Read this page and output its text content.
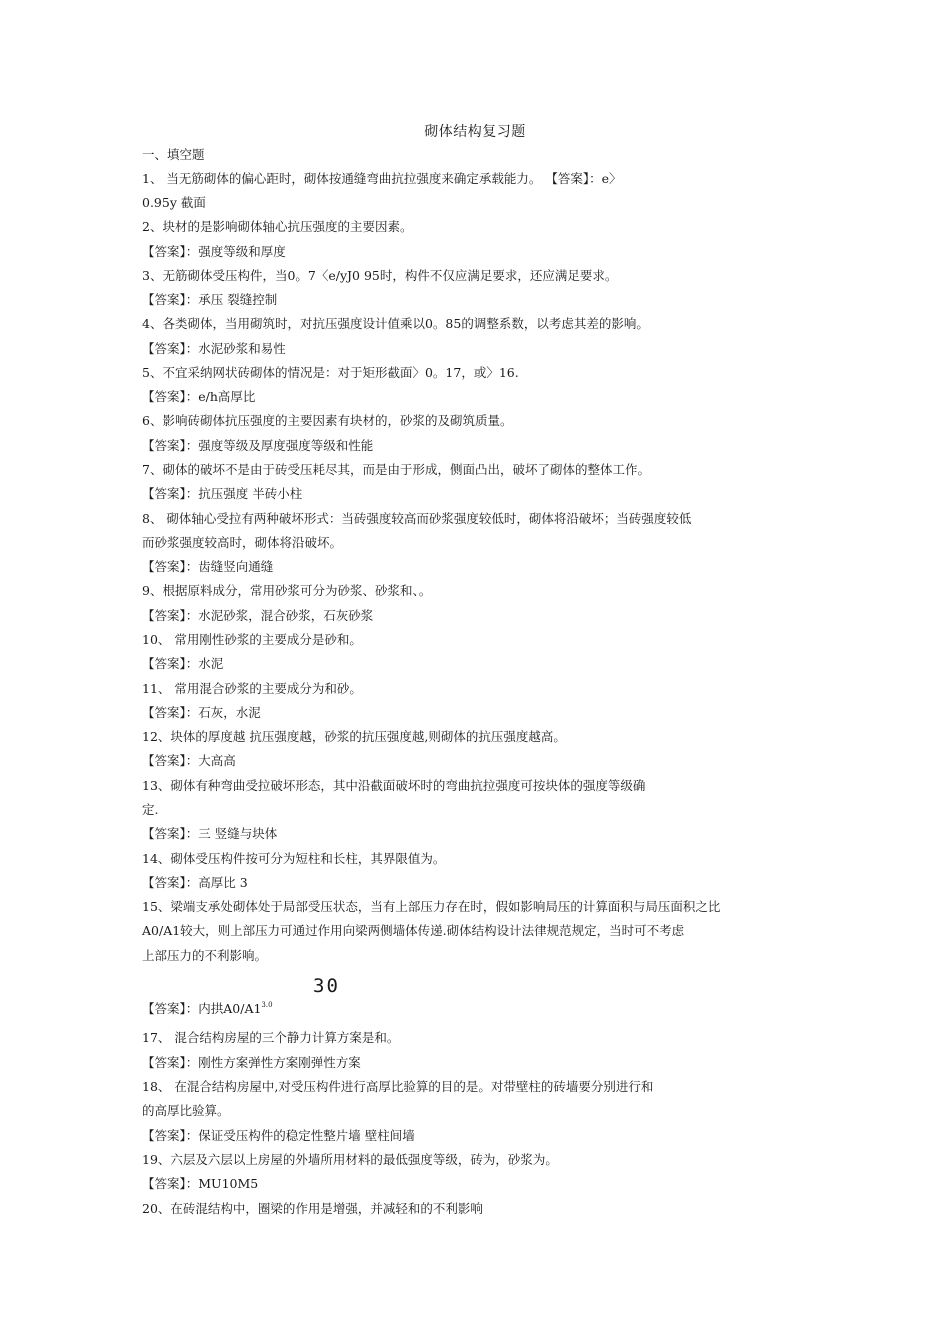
砌体结构复习题
一、填空题
1、 当无筋砌体的偏心距时，砌体按通缝弯曲抗拉强度来确定承载能力。 【答案】：e〉
0.95y 截面
2、块材的是影响砌体轴心抗压强度的主要因素。
【答案】：强度等级和厚度
3、无筋砌体受压构件，当0。7〈e/yJ0 95时，构件不仅应满足要求，还应满足要求。
【答案】：承压 裂缝控制
4、各类砌体，当用砌筑时，对抗压强度设计值乘以0。85的调整系数，以考虑其差的影响。
【答案】：水泥砂浆和易性
5、不宜采纳网状砖砌体的情况是：对于矩形截面〉0。17，或〉16.
【答案】：e/h高厚比
6、影响砖砌体抗压强度的主要因素有块材的，砂浆的及砌筑质量。
【答案】：强度等级及厚度强度等级和性能
7、砌体的破坏不是由于砖受压耗尽其，而是由于形成，侧面凸出，破坏了砌体的整体工作。
【答案】：抗压强度 半砖小柱
8、 砌体轴心受拉有两种破坏形式：当砖强度较高而砂浆强度较低时，砌体将沿破坏；当砖强度较低
而砂浆强度较高时，砌体将沿破坏。
【答案】：齿缝竖向通缝
9、根据原料成分，常用砂浆可分为砂浆、砂浆和、。
【答案】：水泥砂浆，混合砂浆，石灰砂浆
10、 常用刚性砂浆的主要成分是砂和。
【答案】：水泥
11、 常用混合砂浆的主要成分为和砂。
【答案】：石灰，水泥
12、块体的厚度越 抗压强度越，砂浆的抗压强度越,则砌体的抗压强度越高。
【答案】：大高高
13、砌体有种弯曲受拉破坏形态，其中沿截面破坏时的弯曲抗拉强度可按块体的强度等级确
定.
【答案】：三 竖缝与块体
14、砌体受压构件按可分为短柱和长柱，其界限值为。
【答案】：高厚比 3
15、梁端支承处砌体处于局部受压状态，当有上部压力存在时，假如影响局压的计算面积与局压面积之比
A0/A1较大，则上部压力可通过作用向梁两侧墙体传递.砌体结构设计法律规范规定，当时可不考虑
上部压力的不利影响。
30
【答案】：内拱$A0/A1^{3.0}$
17、 混合结构房屋的三个静力计算方案是和。
【答案】：刚性方案弹性方案刚弹性方案
18、 在混合结构房屋中,对受压构件进行高厚比验算的目的是。对带壁柱的砖墙要分别进行和
的高厚比验算。
【答案】：保证受压构件的稳定性整片墙 壁柱间墙
19、六层及六层以上房屋的外墙所用材料的最低强度等级，砖为，砂浆为。
【答案】：MU10M5
20、在砖混结构中，圈梁的作用是增强，并减轻和的不利影响
